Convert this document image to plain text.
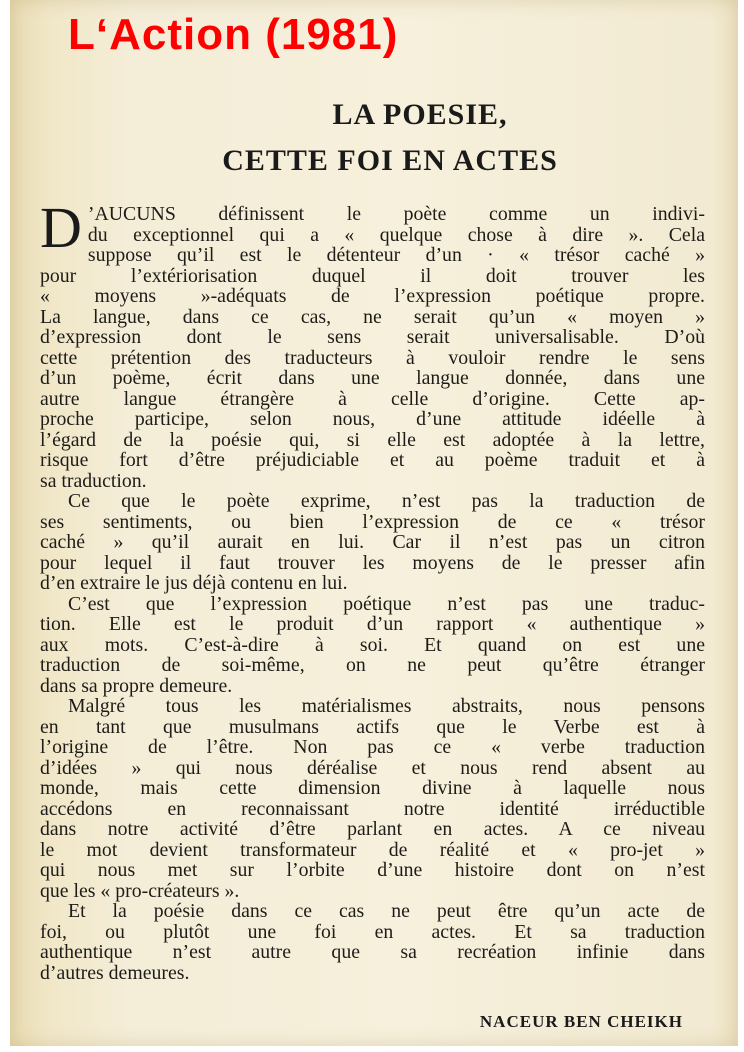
L‘Action (1981)
LA POESIE,
CETTE FOI EN ACTES
D ’AUCUNS définissent le poète comme un indivi-
du exceptionnel qui a « quelque chose à dire ». Cela
suppose qu’il est le détenteur d’un · « trésor caché »
pour l’extériorisation duquel il doit trouver les
« moyens »-adéquats de l’expression poétique propre.
La langue, dans ce cas, ne serait qu’un « moyen »
d’expression dont le sens serait universalisable. D’où
cette prétention des traducteurs à vouloir rendre le sens
d’un poème, écrit dans une langue donnée, dans une
autre langue étrangère à celle d’origine. Cette ap-
proche participe, selon nous, d’une attitude idéelle à
l’égard de la poésie qui, si elle est adoptée à la lettre,
risque fort d’être préjudiciable et au poème traduit et à
sa traduction.
Ce que le poète exprime, n’est pas la traduction de
ses sentiments, ou bien l’expression de ce « trésor
caché » qu’il aurait en lui. Car il n’est pas un citron
pour lequel il faut trouver les moyens de le presser afin
d’en extraire le jus déjà contenu en lui.
C’est que l’expression poétique n’est pas une traduc-
tion. Elle est le produit d’un rapport « authentique »
aux mots. C’est-à-dire à soi. Et quand on est une
traduction de soi-même, on ne peut qu’être étranger
dans sa propre demeure.
Malgré tous les matérialismes abstraits, nous pensons
en tant que musulmans actifs que le Verbe est à
l’origine de l’être. Non pas ce « verbe traduction
d’idées » qui nous déréalise et nous rend absent au
monde, mais cette dimension divine à laquelle nous
accédons en reconnaissant notre identité irréductible
dans notre activité d’être parlant en actes. A ce niveau
le mot devient transformateur de réalité et « pro-jet »
qui nous met sur l’orbite d’une histoire dont on n’est
que les « pro-créateurs ».
Et la poésie dans ce cas ne peut être qu’un acte de
foi, ou plutôt une foi en actes. Et sa traduction
authentique n’est autre que sa recréation infinie dans
d’autres demeures.
NACEUR BEN CHEIKH
